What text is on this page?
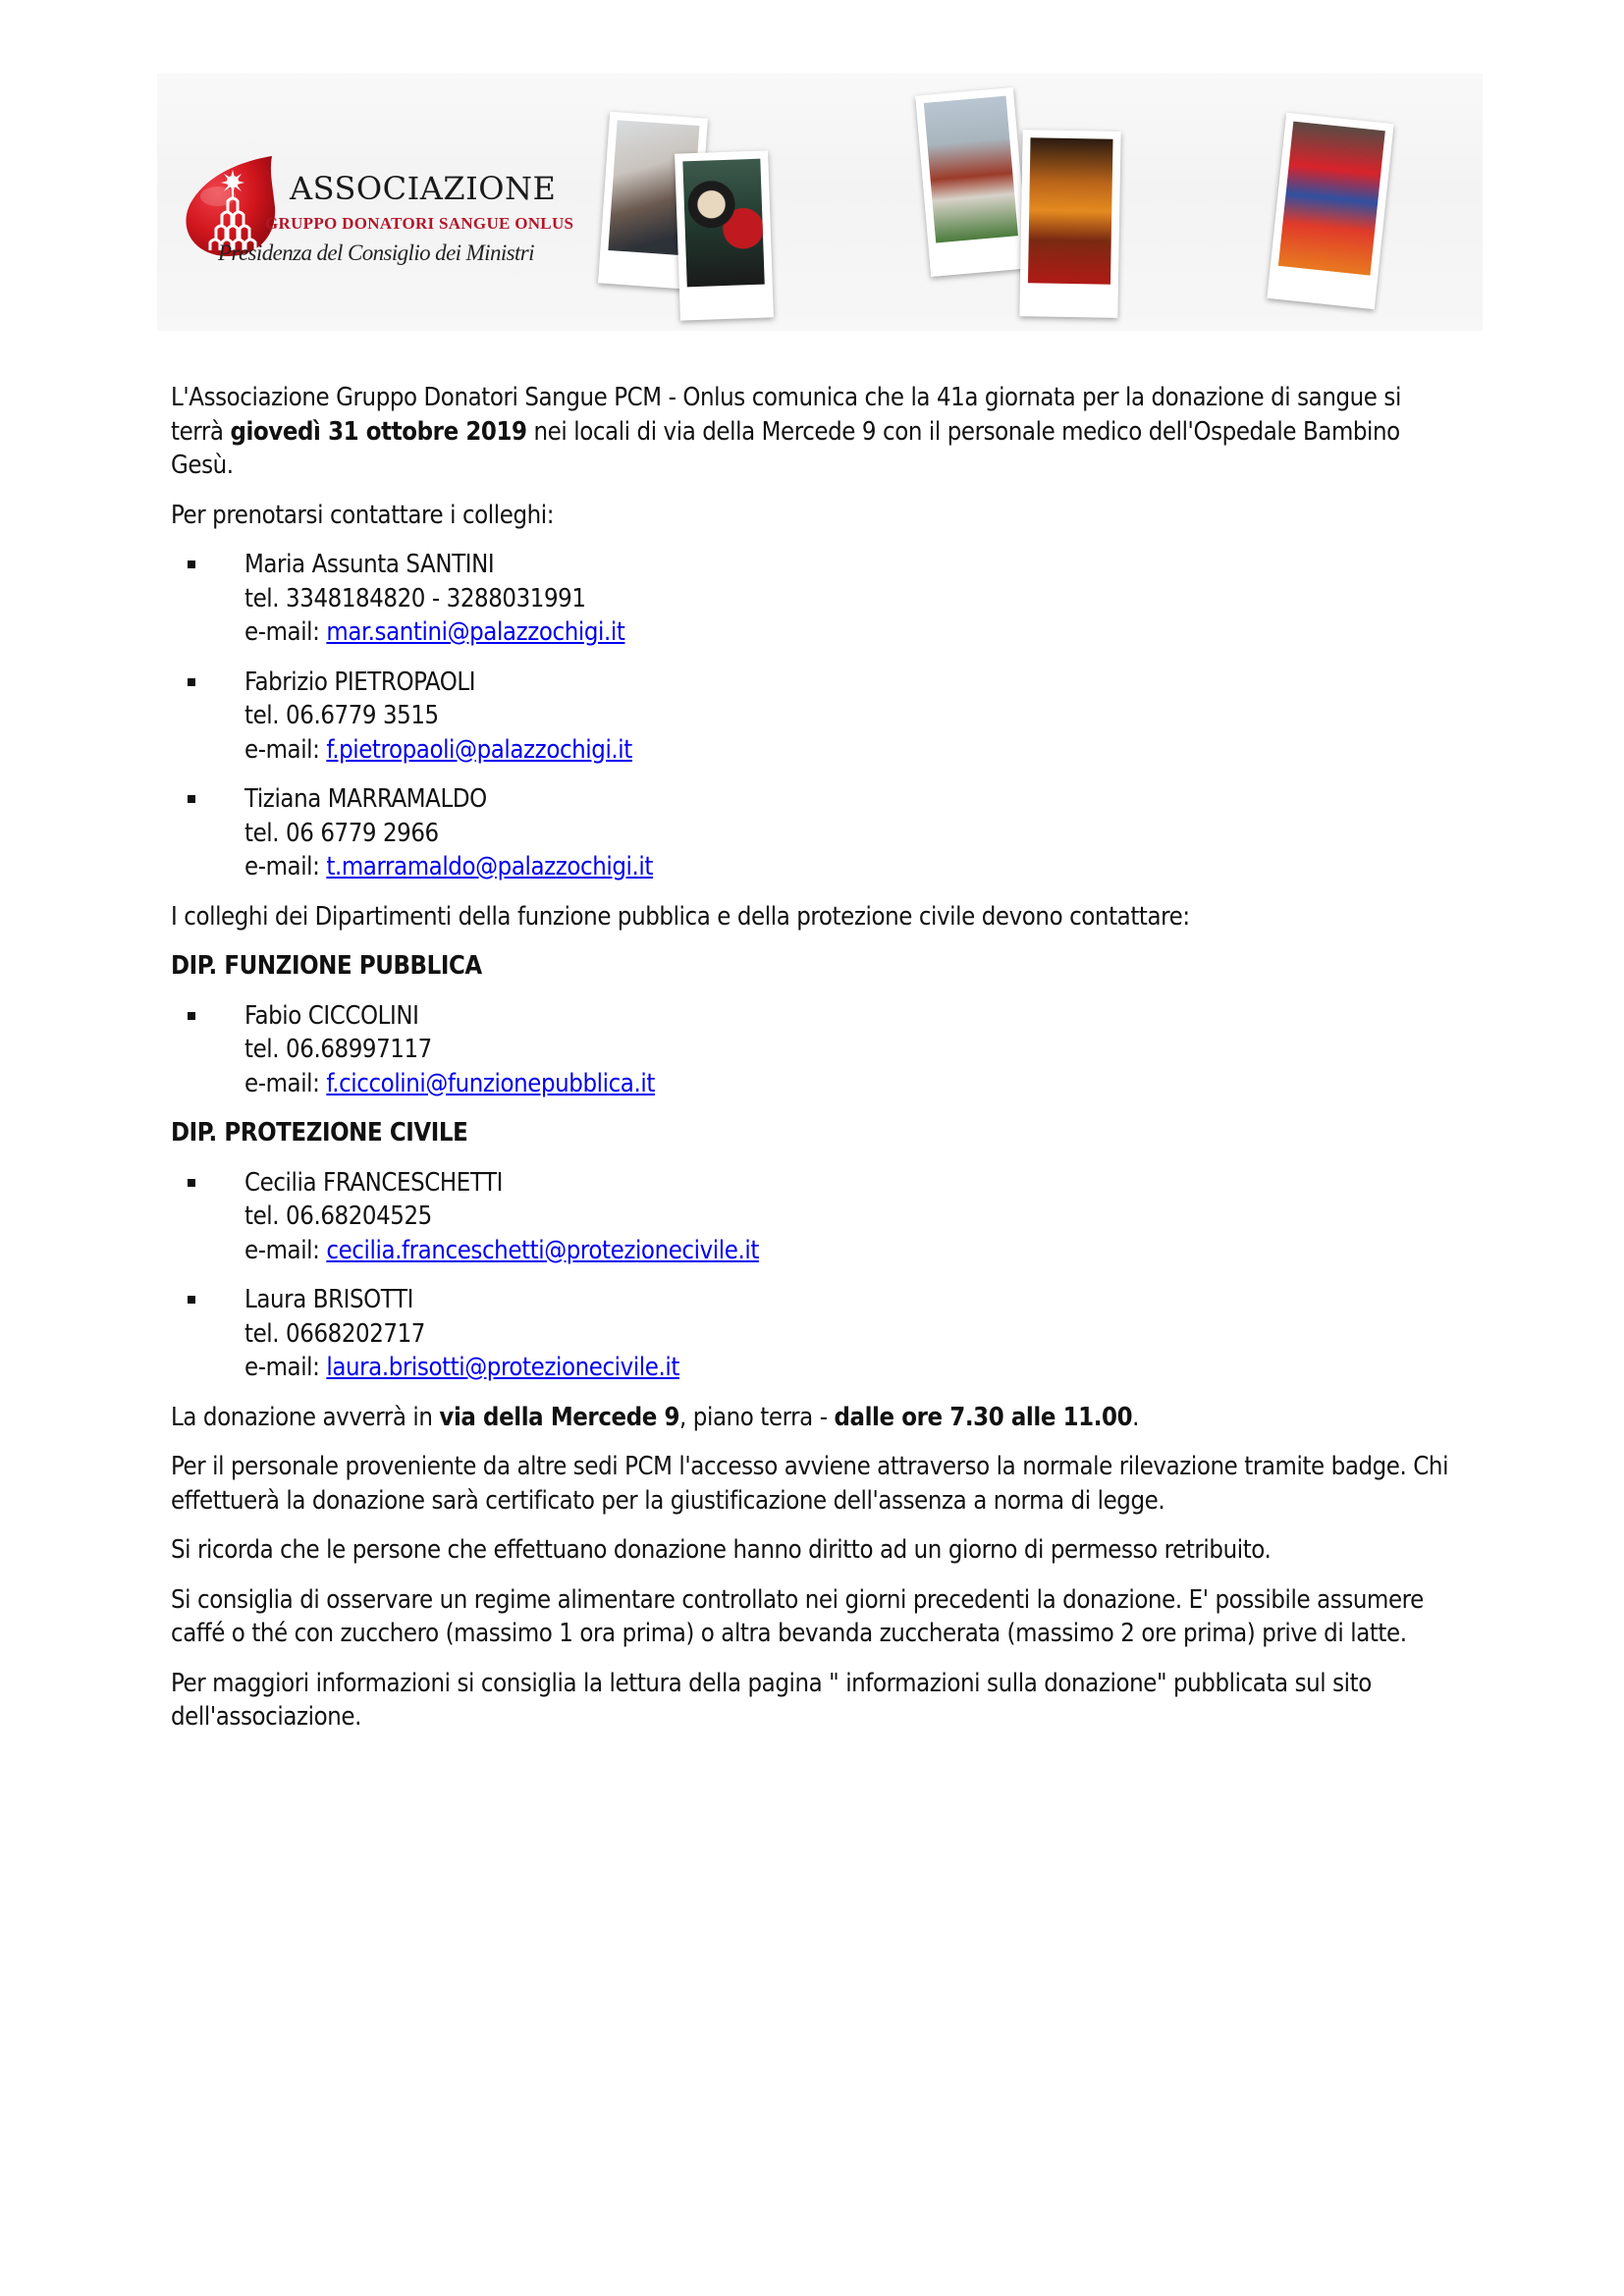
ASSOCIAZIONE
GRUPPO DONATORI SANGUE ONLUS
Presidenza del Consiglio dei Ministri

L'Associazione Gruppo Donatori Sangue PCM - Onlus comunica che la 41a giornata per la donazione di sangue si terrà giovedì 31 ottobre 2019 nei locali di via della Mercede 9 con il personale medico dell'Ospedale Bambino Gesù.

Per prenotarsi contattare i colleghi:

Maria Assunta SANTINI
tel. 3348184820 - 3288031991
e-mail: mar.santini@palazzochigi.it
Fabrizio PIETROPAOLI
tel. 06.6779 3515
e-mail: f.pietropaoli@palazzochigi.it
Tiziana MARRAMALDO
tel. 06 6779 2966
e-mail: t.marramaldo@palazzochigi.it

I colleghi dei Dipartimenti della funzione pubblica e della protezione civile devono contattare:

DIP. FUNZIONE PUBBLICA

Fabio CICCOLINI
tel. 06.68997117
e-mail: f.ciccolini@funzionepubblica.it

DIP. PROTEZIONE CIVILE

Cecilia FRANCESCHETTI
tel. 06.68204525
e-mail: cecilia.franceschetti@protezionecivile.it
Laura BRISOTTI
tel. 0668202717
e-mail: laura.brisotti@protezionecivile.it

La donazione avverrà in via della Mercede 9, piano terra - dalle ore 7.30 alle 11.00.

Per il personale proveniente da altre sedi PCM l'accesso avviene attraverso la normale rilevazione tramite badge. Chi effettuerà la donazione sarà certificato per la giustificazione dell'assenza a norma di legge.

Si ricorda che le persone che effettuano donazione hanno diritto ad un giorno di permesso retribuito.

Si consiglia di osservare un regime alimentare controllato nei giorni precedenti la donazione. E' possibile assumere caffé o thé con zucchero (massimo 1 ora prima) o altra bevanda zuccherata (massimo 2 ore prima) prive di latte.

Per maggiori informazioni si consiglia la lettura della pagina " informazioni sulla donazione" pubblicata sul sito dell'associazione.
